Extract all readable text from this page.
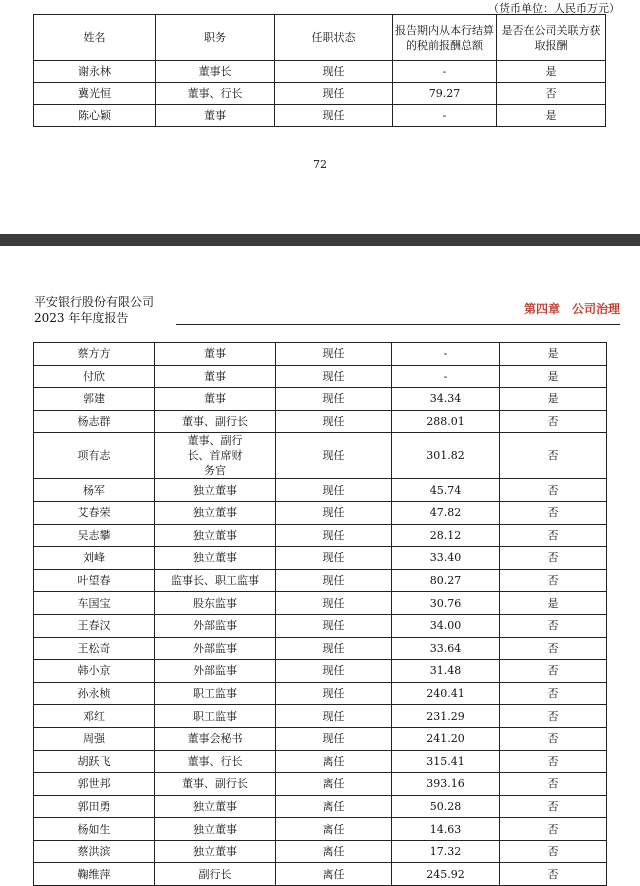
（货币单位：人民币万元）
姓名	职务	任职状态	报告期内从本行结算的税前报酬总额	是否在公司关联方获取报酬
谢永林	董事长	现任	-	是
冀光恒	董事、行长	现任	79.27	否
陈心颖	董事	现任	-	是
72
平安银行股份有限公司
2023 年年度报告
第四章　公司治理
蔡方方	董事	现任	-	是
付欣	董事	现任	-	是
郭建	董事	现任	34.34	是
杨志群	董事、副行长	现任	288.01	否
项有志	董事、副行长、首席财务官	现任	301.82	否
杨军	独立董事	现任	45.74	否
艾春荣	独立董事	现任	47.82	否
吴志攀	独立董事	现任	28.12	否
刘峰	独立董事	现任	33.40	否
叶望春	监事长、职工监事	现任	80.27	否
车国宝	股东监事	现任	30.76	是
王春汉	外部监事	现任	34.00	否
王松奇	外部监事	现任	33.64	否
韩小京	外部监事	现任	31.48	否
孙永桢	职工监事	现任	240.41	否
邓红	职工监事	现任	231.29	否
周强	董事会秘书	现任	241.20	否
胡跃飞	董事、行长	离任	315.41	否
郭世邦	董事、副行长	离任	393.16	否
郭田勇	独立董事	离任	50.28	否
杨如生	独立董事	离任	14.63	否
蔡洪滨	独立董事	离任	17.32	否
鞠维萍	副行长	离任	245.92	否
